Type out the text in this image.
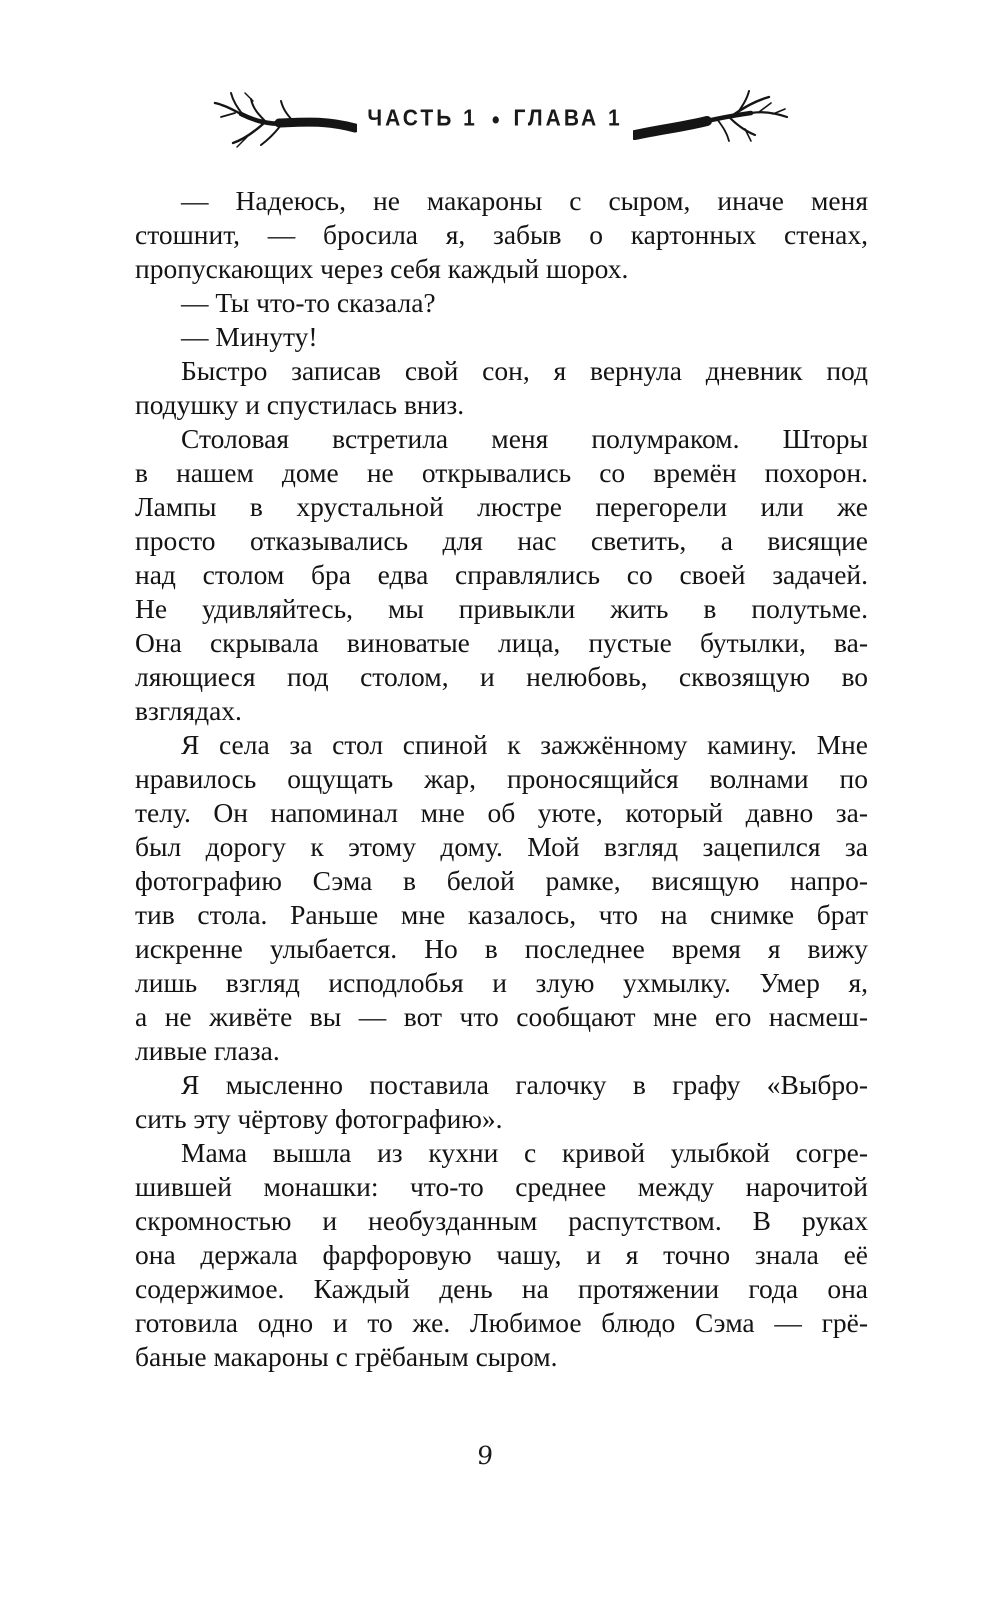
ЧАСТЬ 1 • ГЛАВА 1

— Надеюсь, не макароны с сыром, иначе меня
стошнит, — бросила я, забыв о картонных стенах,
пропускающих через себя каждый шорох.

— Ты что-то сказала?

— Минуту!

Быстро записав свой сон, я вернула дневник под
подушку и спустилась вниз.

Столовая встретила меня полумраком. Шторы
в нашем доме не открывались со времён похорон.
Лампы в хрустальной люстре перегорели или же
просто отказывались для нас светить, а висящие
над столом бра едва справлялись со своей задачей.
Не удивляйтесь, мы привыкли жить в полутьме.
Она скрывала виноватые лица, пустые бутылки, ва-
ляющиеся под столом, и нелюбовь, сквозящую во
взглядах.

Я села за стол спиной к зажжённому камину. Мне
нравилось ощущать жар, проносящийся волнами по
телу. Он напоминал мне об уюте, который давно за-
был дорогу к этому дому. Мой взгляд зацепился за
фотографию Сэма в белой рамке, висящую напро-
тив стола. Раньше мне казалось, что на снимке брат
искренне улыбается. Но в последнее время я вижу
лишь взгляд исподлобья и злую ухмылку. Умер я,
а не живёте вы — вот что сообщают мне его насмеш-
ливые глаза.

Я мысленно поставила галочку в графу «Выбро-
сить эту чёртову фотографию».

Мама вышла из кухни с кривой улыбкой согре-
шившей монашки: что-то среднее между нарочитой
скромностью и необузданным распутством. В руках
она держала фарфоровую чашу, и я точно знала её
содержимое. Каждый день на протяжении года она
готовила одно и то же. Любимое блюдо Сэма — грё-
баные макароны с грёбаным сыром.

9
